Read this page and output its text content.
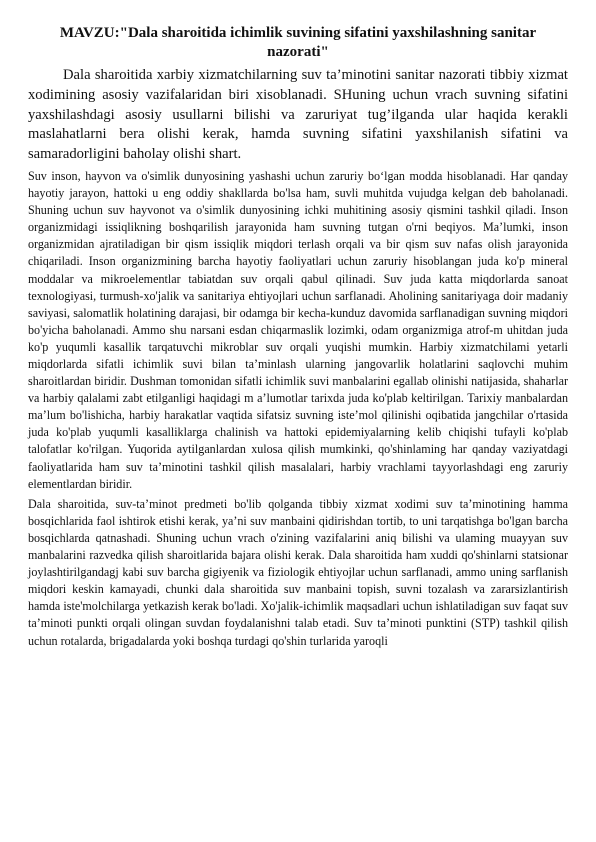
MAVZU:"Dala sharoitida ichimlik suvining sifatini yaxshilashning sanitar nazorati"

Dala sharoitida xarbiy xizmatchilarning suv ta’minotini sanitar nazorati tibbiy xizmat xodimining asosiy vazifalaridan biri xisoblanadi. SHuning uchun vrach suvning sifatini yaxshilashdagi asosiy usullarni bilishi va zaruriyat tug’ilganda ular haqida kerakli maslahatlarni bera olishi kerak, hamda suvning sifatini yaxshilanish sifatini va samaradorligini baholay olishi shart.

Suv inson, hayvon va o'simlik dunyosining yashashi uchun zaruriy bo‘lgan modda hisoblanadi. Har qanday hayotiy jarayon, hattoki u eng oddiy shakllarda bo'lsa ham, suvli muhitda vujudga kelgan deb baholanadi. Shuning uchun suv hayvonot va o'simlik dunyosining ichki muhitining asosiy qismini tashkil qiladi. Inson organizmidagi issiqlikning boshqarilish jarayonida ham suvning tutgan o'rni beqiyos. Ma’lumki, inson organizmidan ajratiladigan bir qism issiqlik miqdori terlash orqali va bir qism suv nafas olish jarayonida chiqariladi. Inson organizmining barcha hayotiy faoliyatlari uchun zaruriy hisoblangan juda ko'p mineral moddalar va mikroelementlar tabiatdan suv orqali qabul qilinadi. Suv juda katta miqdorlarda sanoat texnologiyasi, turmush-xo'jalik va sanitariya ehtiyojlari uchun sarflanadi. Aholining sanitariyaga doir madaniy saviyasi, salomatlik holatining darajasi, bir odamga bir kecha-kunduz davomida sarflanadigan suvning miqdori bo'yicha baholanadi. Ammo shu narsani esdan chiqarmaslik lozimki, odam organizmiga atrof-m uhitdan juda ko'p yuqumli kasallik tarqatuvchi mikroblar suv orqali yuqishi mumkin. Harbiy xizmatchilami yetarli miqdorlarda sifatli ichimlik suvi bilan ta’minlash ularning jangovarlik holatlarini saqlovchi muhim sharoitlardan biridir. Dushman tomonidan sifatli ichimlik suvi manbalarini egallab olinishi natijasida, shaharlar va harbiy qalalami zabt etilganligi haqidagi m a’lumotlar tarixda juda ko'plab keltirilgan. Tarixiy manbalardan ma’lum bo'lishicha, harbiy harakatlar vaqtida sifatsiz suvning iste’mol qilinishi oqibatida jangchilar o'rtasida juda ko'plab yuqumli kasalliklarga chalinish va hattoki epidemiyalarning kelib chiqishi tufayli ko'plab talofatlar ko'rilgan. Yuqorida aytilganlardan xulosa qilish mumkinki, qo'shinlaming har qanday vaziyatdagi faoliyatlarida ham suv ta’minotini tashkil qilish masalalari, harbiy vrachlami tayyorlashdagi eng zaruriy elementlardan biridir.

Dala sharoitida, suv-ta’minot predmeti bo'lib qolganda tibbiy xizmat xodimi suv ta’minotining hamma bosqichlarida faol ishtirok etishi kerak, ya’ni suv manbaini qidirishdan tortib, to uni tarqatishga bo'lgan barcha bosqichlarda qatnashadi. Shuning uchun vrach o'zining vazifalarini aniq bilishi va ulaming muayyan suv manbalarini razvedka qilish sharoitlarida bajara olishi kerak. Dala sharoitida ham xuddi qo'shinlarni statsionar joylashtirilgandagj kabi suv barcha gigiyenik va fiziologik ehtiyojlar uchun sarflanadi, ammo uning sarflanish miqdori keskin kamayadi, chunki dala sharoitida suv manbaini topish, suvni tozalash va zararsizlantirish hamda iste'molchilarga yetkazish kerak bo'ladi. Xo'jalik-ichimlik maqsadlari uchun ishlatiladigan suv faqat suv ta’minoti punkti orqali olingan suvdan foydalanishni talab etadi. Suv ta’minoti punktini (STP) tashkil qilish uchun rotalarda, brigadalarda yoki boshqa turdagi qo'shin turlarida yaroqli
